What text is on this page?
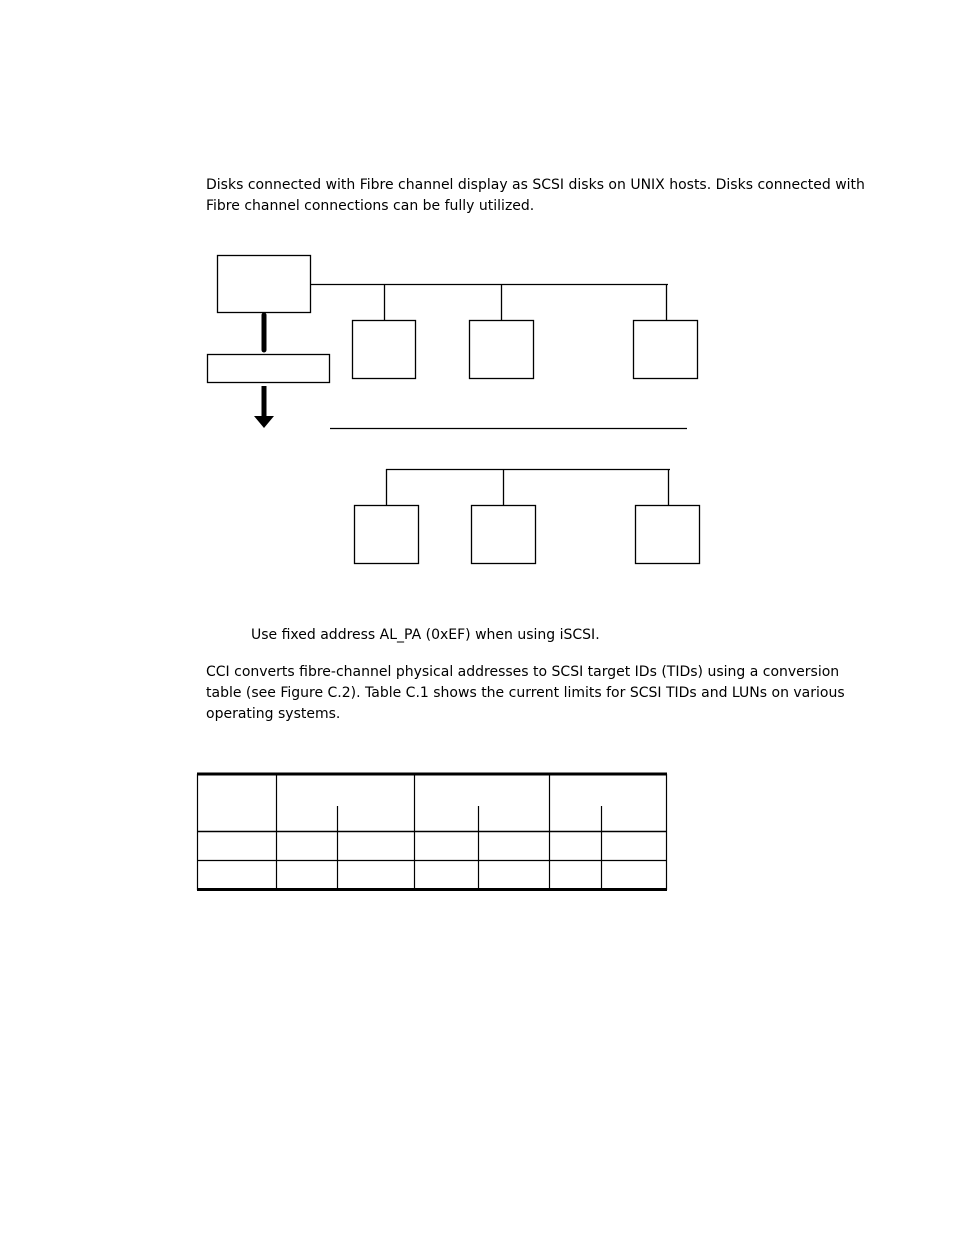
Disks connected with Fibre channel display as SCSI disks on UNIX hosts. Disks connected with Fibre channel connections can be fully utilized.

Use fixed address AL_PA (0xEF) when using iSCSI.

CCI converts fibre-channel physical addresses to SCSI target IDs (TIDs) using a conversion table (see Figure C.2). Table C.1 shows the current limits for SCSI TIDs and LUNs on various operating systems.
